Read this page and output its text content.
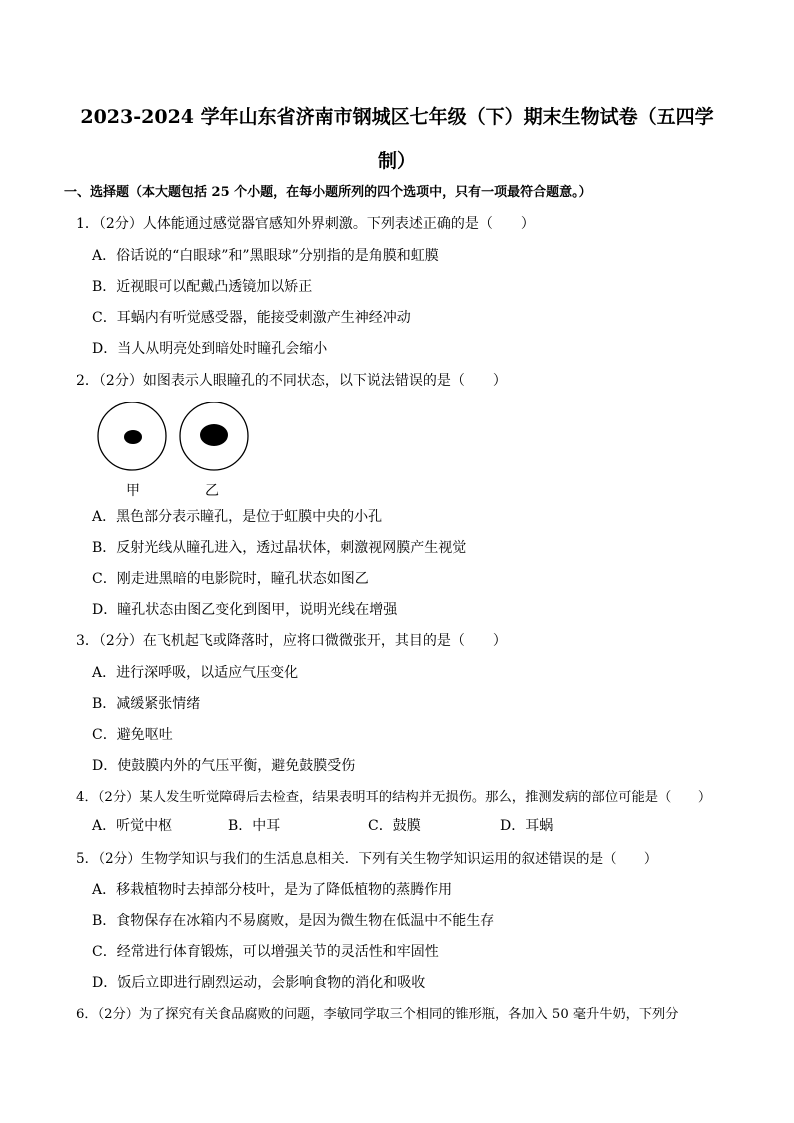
2023-2024 学年山东省济南市钢城区七年级（下）期末生物试卷（五四学
制）
一、选择题（本大题包括 25 个小题，在每小题所列的四个选项中，只有一项最符合题意。）
1．（2分）人体能通过感觉器官感知外界刺激。下列表述正确的是（　　）
A．俗话说的“白眼球”和”黑眼球”分别指的是角膜和虹膜
B．近视眼可以配戴凸透镜加以矫正
C．耳蜗内有听觉感受器，能接受刺激产生神经冲动
D．当人从明亮处到暗处时瞳孔会缩小
2．（2分）如图表示人眼瞳孔的不同状态，以下说法错误的是（　　）
甲	乙
A．黑色部分表示瞳孔，是位于虹膜中央的小孔
B．反射光线从瞳孔进入，透过晶状体，刺激视网膜产生视觉
C．刚走进黑暗的电影院时，瞳孔状态如图乙
D．瞳孔状态由图乙变化到图甲，说明光线在增强
3．（2分）在飞机起飞或降落时，应将口微微张开，其目的是（　　）
A．进行深呼吸，以适应气压变化
B．减缓紧张情绪
C．避免呕吐
D．使鼓膜内外的气压平衡，避免鼓膜受伤
4．（2分）某人发生听觉障碍后去检查，结果表明耳的结构并无损伤。那么，推测发病的部位可能是（　　）
A．听觉中枢	B．中耳	C．鼓膜	D．耳蜗
5．（2分）生物学知识与我们的生活息息相关．下列有关生物学知识运用的叙述错误的是（　　）
A．移栽植物时去掉部分枝叶，是为了降低植物的蒸腾作用
B．食物保存在冰箱内不易腐败，是因为微生物在低温中不能生存
C．经常进行体育锻炼，可以增强关节的灵活性和牢固性
D．饭后立即进行剧烈运动，会影响食物的消化和吸收
6．（2分）为了探究有关食品腐败的问题，李敏同学取三个相同的锥形瓶，各加入 50 毫升牛奶，下列分
